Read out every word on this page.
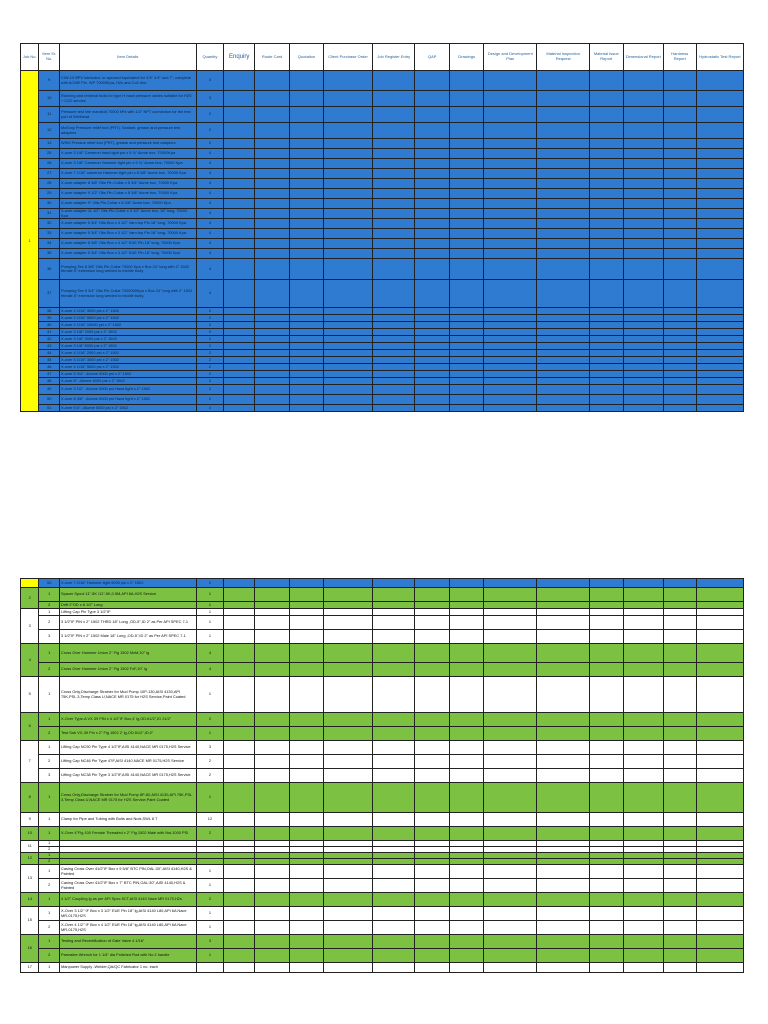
Job No.	Item Sr. No.	Item Details	Quantity	Enquiry	Route Card	Quotation	Client Purchase Order	Job Register Entry	QAP	Drawings	Design and Development Plan	Material Inspection Request	Material Issue Report	Dimensional Report	Hardness Report	Hydrostatic Test Report
1	9	CIW-10 BPV lubricator, or aproved equivalent for 3.5" 4.5" and 7", complete with ACME Pin. WP 70000Kpa, H2s and Co2 trim.	3													
	10	Running and retrieval tools for type H back pressure valves suitable for H2S + CO2 service	3													
	11	Pressure test line manifold 70000 kPa with 1/2" NPT connection for the test port of Wellhead	2													
	12	McEvoy Pressure relief tool (PRT), Sealant, grease and pressure test adaptors	2													
	13	WKM Pressue relief tool (PRT), grease and pressure test adaptors	2													
	25	X-over 3 1/8" Cameron hand tight pin x 5 ¾" Acme box, 70000Kpa	4													
	26	X-over 3 1/8" Cameron Hammer tight pin x 5 ¾" Acme box, 70000 Kpa	4													
	27	X-over 7 1/16" cameron Hammer tight pin x 8 3/8" Acme box, 70000 Kpa	4													
	28	X-over adapter 8 3/8" Otis Pin Collar x 5 3/4" Acme box, 70000 Kpa	4													
	29	X-over adapter 9 1/2" Otis Pin Collar x 8 3/8" Acme box, 70000 Kpa	4													
	30	X-over adapter 9" Otis Pin Collar x 8 3/8" Acme box, 70000 Kpa	4													
	31	X-over adapter 11 1/2" Otis Pin Collar x 9 1/2" Acme box, 16" long, 70000 Kpa	4													
	32	X-over adapter 5 3/4" Otis Box x 4 1/2" Vam top Pin 18" long, 70000 Kpa	4													
	33	X-over adapter 5 3/4" Otis Box x 3 1/2" Vam top Pin 18" long, 70000 Kpa	4													
	34	X-over adapter 8 3/8" Otis Box x 4 1/2" EUE Pin 18" long, 70000 Kpa	4													
	35	X-over adapter 5 3/4" Otis Box x 3 1/2" EUE Pin 18" long, 70000 Kpa	4													
	36	Pumping Tee 8 3/8" Otis Pin Collar 70000 Kpa x Box 24" long with 2" 1502 female 5" extension long welded to middle body	4													
	37	Pumping Tee 5 3/4" Otis Pin Collar 7000000Kpa x Box 24" long with 2" 1502 female 5" extension long welded to middle body.	4													
	38	X-over 2 1/16" 3000 psi x 2" 1502	2													
	39	X-over 2 1/16" 5000 psi x 2" 1502	2													
	40	X-over 2 1/16" 10000 psi x 2" 1502	2													
	41	X-over 3 1/8" 2000 psi x 2" 1502	2													
	42	X-over 3 1/8" 3000 psi x 2" 1502	2													
	43	X-over 3 1/8" 5000 psi x 2" 1502	2													
	44	X-over 4 1/16" 2000 psi x 2" 1502	2													
	45	X-over 4 1/16" 3000 psi x 2" 1502	2													
	46	X-over 4 1/16" 5000 psi x 2" 1502	2													
	47	X-over 5 3/4" -4Acme 5000 psi x 2" 1502	2													
	48	X-over 6" -4Acme 5000 psi x 2" 1502	2													
	49	X-over 3 1/2" -4Acme 5000 psi Hand tight x 2" 1502	2													
	50	X-over 8 3/8" -4Acme 5000 psi Hand tight x 2" 1502	2													
	51	X-over 9.5" -4Acme 5000 psi x 2" 1502	2													
	52	X-over 7.1/16" Hammer tight 5000 psi x 2" 1502	2													
2	1	Spacer Spool 11"-5K /11"-5K,0.5M,API 6A,H2S Service	1													
	2	Drift 2"OD x 8 1/2" Long	1													
3	1	Lifting Cap Pin Type 3 1/2"IF	1													
	2	3 1/2"IF PIN x 2" 1502 THRD 18" Long ,OD-5",ID 2" as Per API SPEC 7-1	1													
	3	3 1/2"IF PIN x 2" 1502 Male 18" Long ,OD-5",ID 2" as Per API SPEC 7-1	1													
4	1	Cross Over Hammer Union 2" Fig 1502 MxM,10" lg	4													
	2	Cross Over Hammer Union 2" Fig 1502 FxF,10" lg	4													
5	1	Cross Only,Discharge Strainer for Mud Pump 10P-130,AISI 4130,API 75K,PSL 3,Temp Class U,NACE MR 0175 for H2S Service,Paint Coated	1													
6	1	X-Over Type-A VX 39 PIN x 4 1/2"IF Box,4' lg,OD:61/2",ID 21/2"	2													
	2	Test Sub VX-39 Pin x 2" Fig 1502 2' lg,OD:51/2",ID:2"	1													
7	1	Lifting Cap NC50 Pin Type 4 1/2"IF,AISI 4140,NACE MR 0175,H2S Service	3													
	2	Lifting Cap NC46 Pin Type 4"IF,AISI 4140,NACE MR 0175,H2S Service	2													
	3	Lifting Cap NC38 Pin Type 3 1/2"IF,AISI 4140,NACE MR 0175,H2S Service	2													
8	1	Cross Only,Discharge Strainer for Mud Pump 8P-80,AISI 4130,API 75K,PSL 3,Temp Class U,NACE MR 0175 for H2S Service,Paint Coated	1													
9	1	Clamp for Pipe and Tubing with Bolts and Nuts,SWL 8 T	12													
10	1	X-Over 4"Fig 100 Female Threaded x 2" Fig 1502 Male with Nut,1000 PSI	2													
11	1															
	2															
12	1															
	2															
13	1	Casing Cross Over 41/2"IF Box x 9 5/8" BTC PIN,OAL:30",AISI 4140,H2S & Painted	1													
	2	Casing Cross Over 41/2"IF Box x 7" BTC PIN,OAL:30",AISI 4140,H2S & Painted	1													
14	1	4 1/2" Coupling lg as per API Spec 5CT,AISI 4140 Nace MR 0175,H2s	2													
15	1	X-Over 3 1/2" IF Box x 3 1/2" EUE Pin 18" lg,AISI 4140 L80,API 6A Nace MR-0175,H2S	1													
	2	X-Over 4 1/2" IF Box x 4 1/2" EUE Pin 18" lg,AISI 4140 L80,API 6A Nace MR-0175,H2S	1													
16	1	Testing and Recertification of Gate Valve 4 1/16"	3													
	2	Parmalee Wrench for 1 1/4" dia Polished Rod with No.2 handle	1													
17	1	Manpower Supply -Welder,QA/QC Fabricator 1 no. each														
